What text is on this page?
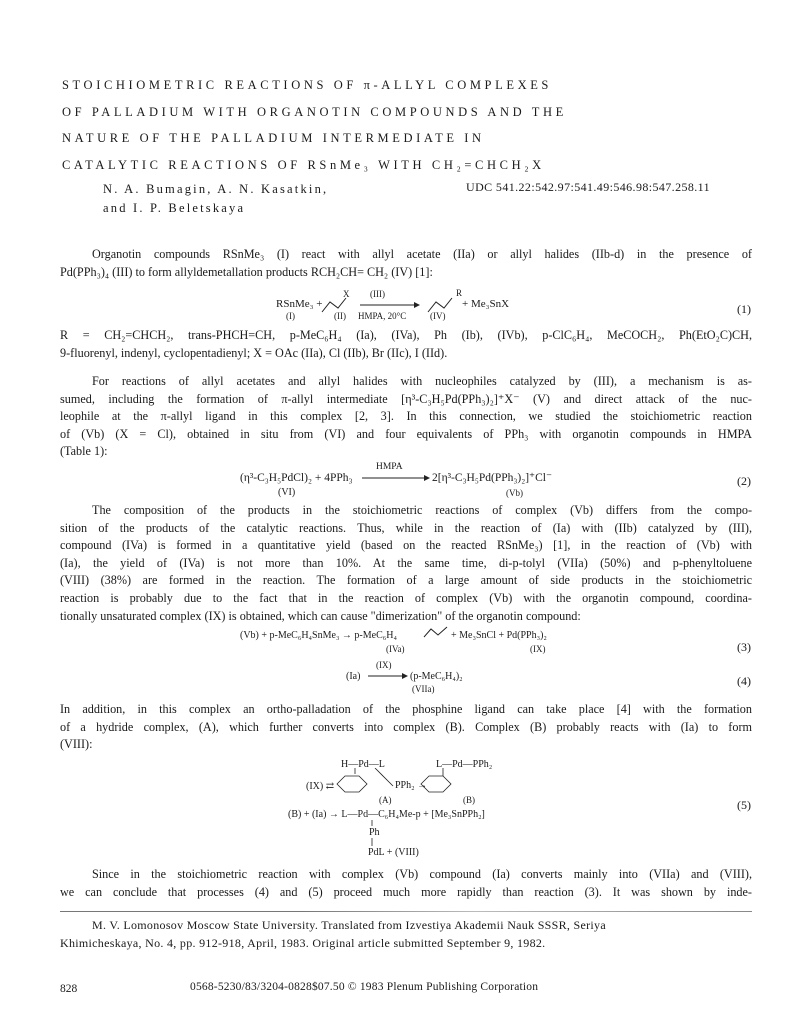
STOICHIOMETRIC REACTIONS OF π-ALLYL COMPLEXES
OF PALLADIUM WITH ORGANOTIN COMPOUNDS AND THE
NATURE OF THE PALLADIUM INTERMEDIATE IN
CATALYTIC REACTIONS OF RSnMe₃ WITH CH₂=CHCH₂X
N. A. Bumagin, A. N. Kasatkin,
and I. P. Beletskaya
UDC 541.22:542.97:541.49:546.98:547.258.11
Organotin compounds RSnMe₃ (I) react with allyl acetate (IIa) or allyl halides (IIb-d) in the presence of
Pd(PPh₃)₄ (III) to form allyldemetallation products RCH₂CH= CH₂ (IV) [1]:
RSnMe₃ +
(I)
X (III)
(II) HMPA, 20°C
R
(IV)
+ Me₃SnX	(1)
R = CH₂=CHCH₂, trans-PHCH=CH, p-MeC₆H₄ (Ia), (IVa), Ph (Ib), (IVb), p-ClC₆H₄, MeCOCH₂, Ph(EtO₂C)CH,
9-fluorenyl, indenyl, cyclopentadienyl; X = OAc (IIa), Cl (IIb), Br (IIc), I (IId).
For reactions of allyl acetates and allyl halides with nucleophiles catalyzed by (III), a mechanism is as-
sumed, including the formation of π-allyl intermediate [η³-C₃H₅Pd(PPh₃)₂]⁺X⁻ (V) and direct attack of the nuc-
leophile at the π-allyl ligand in this complex [2, 3]. In this connection, we studied the stoichiometric reaction
of (Vb) (X = Cl), obtained in situ from (VI) and four equivalents of PPh₃ with organotin compounds in HMPA
(Table 1):
(η³-C₃H₅PdCl)₂ + 4PPh₃
(VI)
HMPA
2[η³-C₃H₅Pd(PPh₃)₂]⁺Cl⁻
(Vb)
(2)
The composition of the products in the stoichiometric reactions of complex (Vb) differs from the compo-
sition of the products of the catalytic reactions. Thus, while in the reaction of (Ia) with (IIb) catalyzed by (III),
compound (IVa) is formed in a quantitative yield (based on the reacted RSnMe₃) [1], in the reaction of (Vb) with
(Ia), the yield of (IVa) is not more than 10%. At the same time, di-p-tolyl (VIIa) (50%) and p-phenyltoluene
(VIII) (38%) are formed in the reaction. The formation of a large amount of side products in the stoichiometric
reaction is probably due to the fact that in the reaction of complex (Vb) with the organotin compound, coordina-
tionally unsaturated complex (IX) is obtained, which can cause "dimerization" of the organotin compound:
(Vb) + p-MeC₆H₄SnMe₃ → p-MeC₆H₄	+ Me₃SnCl + Pd(PPh₃)₂
(IVa)	(IX)	(3)
(Ia)
(IX)
(p-MeC₆H₄)₂
(VIIa)
(4)
In addition, in this complex an ortho-palladation of the phosphine ligand can take place [4] with the formation
of a hydride complex, (A), which further converts into complex (B). Complex (B) probably reacts with (Ia) to form
(VIII):
H—Pd—L	L—Pd—PPh₂
(IX) ⇄	PPh₂ →
(A)	(B)
(B) + (Ia) → L—Pd—C₆H₄Me-p + [Me₃SnPPh₂]
Ph
PdL + (VIII)
(5)
Since in the stoichiometric reaction with complex (Vb) compound (Ia) converts mainly into (VIIa) and (VIII),
we can conclude that processes (4) and (5) proceed much more rapidly than reaction (3). It was shown by inde-
M. V. Lomonosov Moscow State University. Translated from Izvestiya Akademii Nauk SSSR, Seriya
Khimicheskaya, No. 4, pp. 912-918, April, 1983. Original article submitted September 9, 1982.
828	0568-5230/83/3204-0828$07.50 © 1983 Plenum Publishing Corporation
